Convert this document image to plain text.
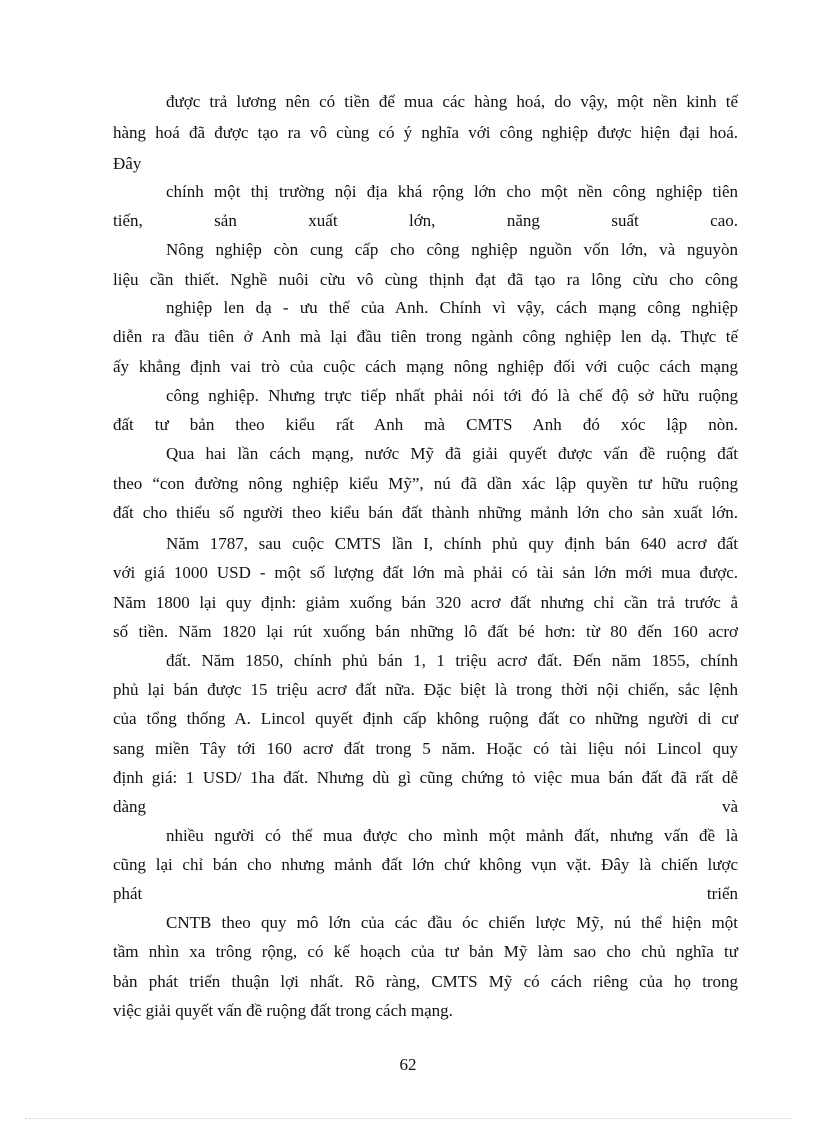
được trả lương nên có tiền để mua các hàng hoá, do vậy, một nền kinh tế
hàng hoá đã được tạo ra vô cùng có ý nghĩa với công nghiệp được hiện đại hoá.
Đây
chính một thị trường nội địa khá rộng lớn cho một nền công nghiệp tiên
tiến, sản xuất lớn, năng suất cao.
Nông nghiệp còn cung cấp cho công nghiệp nguồn vốn lớn, và nguyòn
liệu cần thiết. Nghề nuôi cừu vô cùng thịnh đạt đã tạo ra lông cừu cho công
nghiệp len dạ - ưu thế của Anh. Chính vì vậy, cách mạng công nghiệp
diễn ra đầu tiên ở Anh mà lại đầu tiên trong ngành công nghiệp len dạ. Thực tế
ấy khẳng định vai trò của cuộc cách mạng nông nghiệp đối với cuộc cách mạng
công nghiệp. Nhưng trực tiếp nhất phải nói tới đó là chế độ sở hữu ruộng
đất tư bản theo kiểu rất Anh mà CMTS Anh đó xóc lập nòn.
Qua hai lần cách mạng, nước Mỹ đã giải quyết được vấn đề ruộng đất
theo “con đường nông nghiệp kiểu Mỹ”, nú đã dần xác lập quyền tư hữu ruộng
đất cho thiểu số người theo kiểu bán đất thành những mảnh lớn cho sản xuất lớn.
Năm 1787, sau cuộc CMTS lần I, chính phủ quy định bán 640 acrơ đất
với giá 1000 USD - một số lượng đất lớn mà phải có tài sản lớn mới mua được.
Năm 1800 lại quy định: giảm xuống bán 320 acrơ đất nhưng chỉ cần trả trước ẳ
số tiền. Năm 1820 lại rút xuống bán những lô đất bé hơn: từ 80 đến 160 acrơ
đất. Năm 1850, chính phủ bán 1, 1 triệu acrơ đất. Đến năm 1855, chính
phủ lại bán được 15 triệu acrơ đất nữa. Đặc biệt là trong thời nội chiến, sắc lệnh
của tổng thống A. Lincol quyết định cấp không ruộng đất co những người di cư
sang miền Tây tới 160 acrơ đất trong 5 năm. Hoặc có tài liệu nói Lincol quy
định giá: 1 USD/ 1ha đất. Nhưng dù gì cũng chứng tỏ việc mua bán đất đã rất dễ
dàng và
nhiều người có thể mua được cho mình một mảnh đất, nhưng vấn đề là
cũng lại chỉ bán cho nhưng mảnh đất lớn chứ không vụn vặt. Đây là chiến lược
phát triển
CNTB theo quy mô lớn của các đầu óc chiến lược Mỹ, nú thể hiện một
tầm nhìn xa trông rộng, có kế hoạch của tư bản Mỹ làm sao cho chủ nghĩa tư
bản phát triển thuận lợi nhất. Rõ ràng, CMTS Mỹ có cách riêng của họ trong
việc giải quyết vấn đề ruộng đất trong cách mạng.
62
